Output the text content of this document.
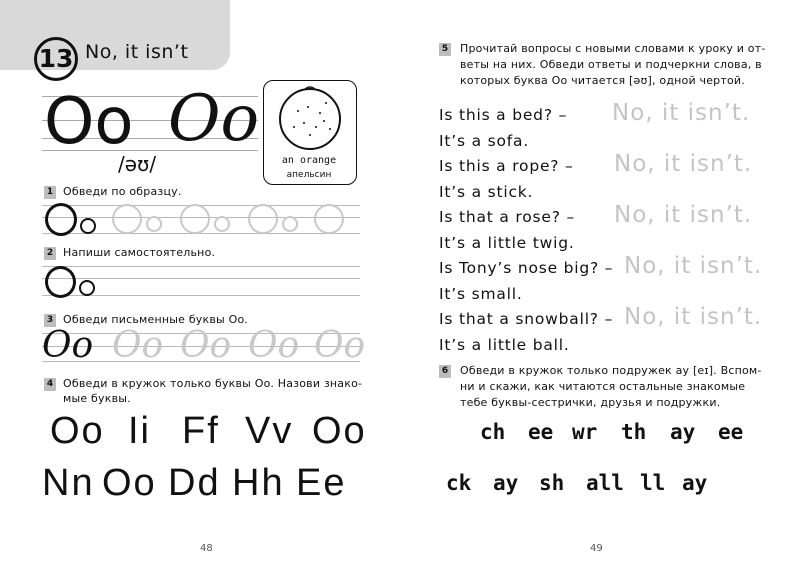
13 No, it isn’t
Oo Oo
/əʊ/	an orange
апельсин
1 Обведи по образцу.
2 Напиши самостоятельно.
3 Обведи письменные буквы Oo.
Oo Oo Oo Oo Oo
4 Обведи в кружок только буквы Oo. Назови знако-
мые буквы.
Oo Ii Ff Vv Oo
Nn Oo Dd Hh Ee
48
5 Прочитай вопросы с новыми словами к уроку и от-
веты на них. Обведи ответы и подчеркни слова, в
которых буква Oo читается [əʊ], одной чертой.
Is this a bed? – No, it isn’t.
It’s a sofa.
Is this a rope? – No, it isn’t.
It’s a stick.
Is that a rose? – No, it isn’t.
It’s a little twig.
Is Tony’s nose big? – No, it isn’t.
It’s small.
Is that a snowball? – No, it isn’t.
It’s a little ball.
6 Обведи в кружок только подружек ay [eɪ]. Вспом-
ни и скажи, как читаются остальные знакомые
тебе буквы-сестрички, друзья и подружки.
ch ee wr th ay ee
ck ay sh all ll ay
49
